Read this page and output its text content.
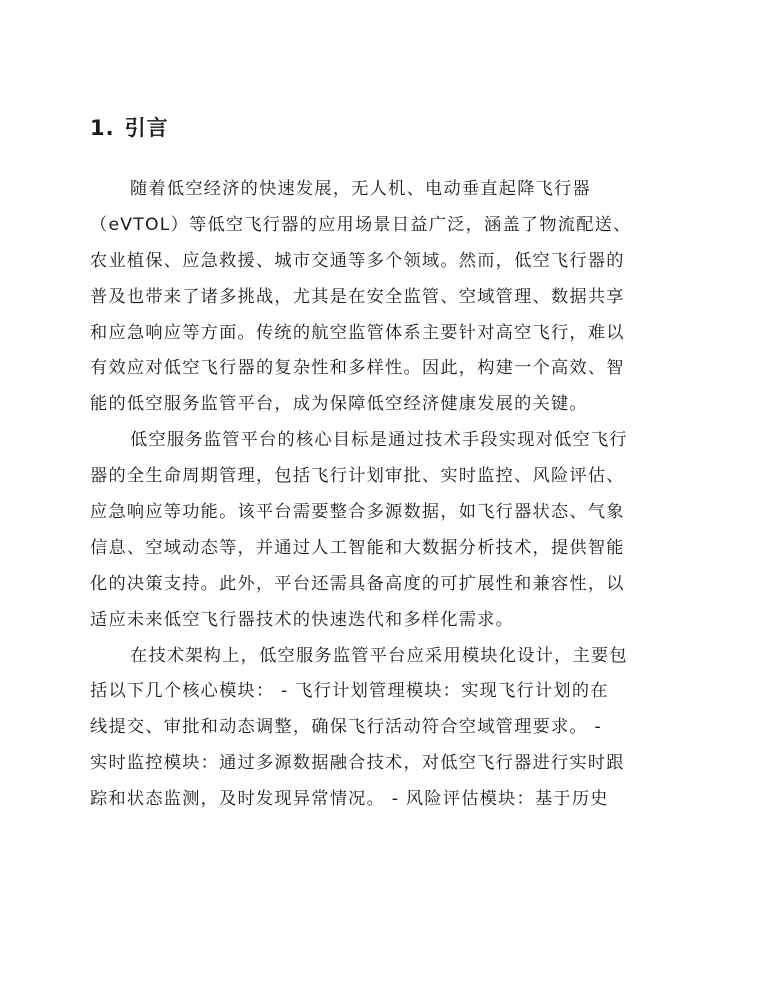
1. 引言
随着低空经济的快速发展，无人机、电动垂直起降飞行器
（eVTOL）等低空飞行器的应用场景日益广泛，涵盖了物流配送、
农业植保、应急救援、城市交通等多个领域。然而，低空飞行器的
普及也带来了诸多挑战，尤其是在安全监管、空域管理、数据共享
和应急响应等方面。传统的航空监管体系主要针对高空飞行，难以
有效应对低空飞行器的复杂性和多样性。因此，构建一个高效、智
能的低空服务监管平台，成为保障低空经济健康发展的关键。
低空服务监管平台的核心目标是通过技术手段实现对低空飞行
器的全生命周期管理，包括飞行计划审批、实时监控、风险评估、
应急响应等功能。该平台需要整合多源数据，如飞行器状态、气象
信息、空域动态等，并通过人工智能和大数据分析技术，提供智能
化的决策支持。此外，平台还需具备高度的可扩展性和兼容性，以
适应未来低空飞行器技术的快速迭代和多样化需求。
在技术架构上，低空服务监管平台应采用模块化设计，主要包
括以下几个核心模块： - 飞行计划管理模块：实现飞行计划的在
线提交、审批和动态调整，确保飞行活动符合空域管理要求。 -
实时监控模块：通过多源数据融合技术，对低空飞行器进行实时跟
踪和状态监测，及时发现异常情况。 - 风险评估模块：基于历史
